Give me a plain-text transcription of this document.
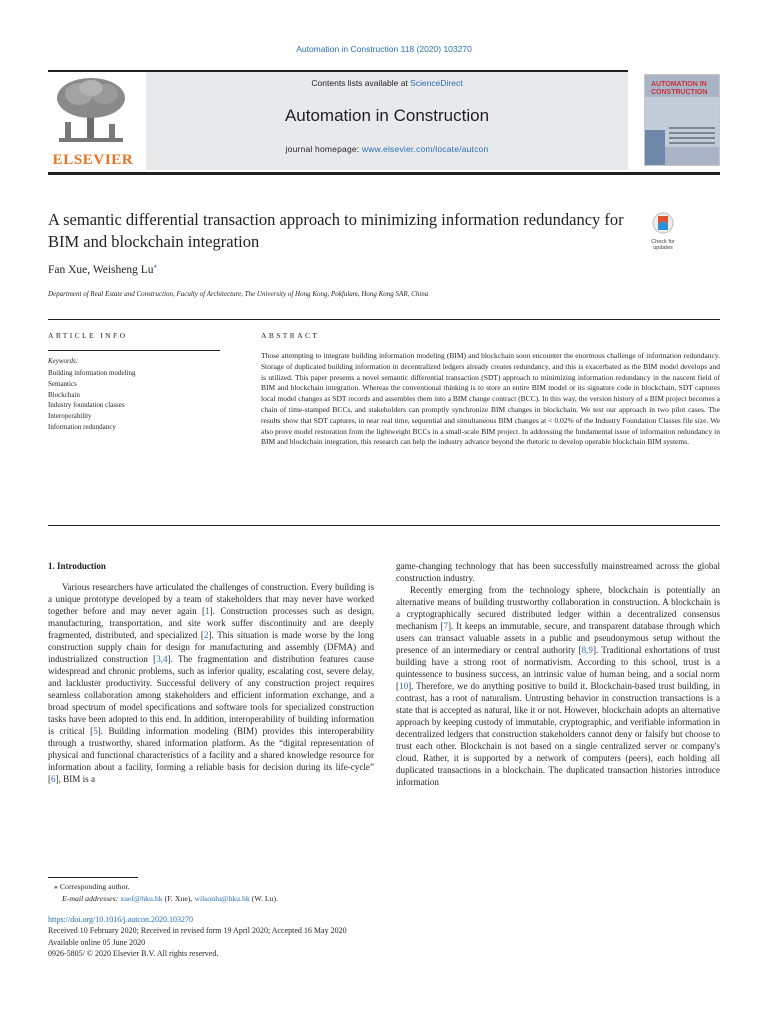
Automation in Construction 118 (2020) 103270
ELSEVIER
Contents lists available at ScienceDirect
Automation in Construction
journal homepage: www.elsevier.com/locate/autcon
AUTOMATION IN CONSTRUCTION
A semantic differential transaction approach to minimizing information redundancy for BIM and blockchain integration	Check for updates
Fan Xue, Weisheng Lu⁎
Department of Real Estate and Construction, Faculty of Architecture, The University of Hong Kong, Pokfulam, Hong Kong SAR, China
ARTICLE INFO	ABSTRACT
Keywords:
Building information modeling
Semantics
Blockchain
Industry foundation classes
Interoperability
Information redundancy

Those attempting to integrate building information modeling (BIM) and blockchain soon encounter the enormous challenge of information redundancy. Storage of duplicated building information in decentralized ledgers already creates redundancy, and this is exacerbated as the BIM model develops and is utilized. This paper presents a novel semantic differential transaction (SDT) approach to minimizing information redundancy in the nascent field of BIM and blockchain integration. Whereas the conventional thinking is to store an entire BIM model or its signature code in blockchain, SDT captures local model changes as SDT records and assembles them into a BIM change contract (BCC). In this way, the version history of a BIM project becomes a chain of time-stamped BCCs, and stakeholders can promptly synchronize BIM changes in blockchain. We test our approach in two pilot cases. The results show that SDT captures, in near real time, sequential and simultaneous BIM changes at < 0.02% of the Industry Foundation Classes file size. We also prove model restoration from the lightweight BCCs in a small-scale BIM project. In addressing the fundamental issue of information redundancy in BIM and blockchain integration, this research can help the industry advance beyond the rhetoric to develop operable blockchain BIM systems.

1. Introduction

Various researchers have articulated the challenges of construction. Every building is a unique prototype developed by a team of stakeholders that may never have worked together before and may never again [1]. Construction processes such as design, manufacturing, transportation, and site work suffer discontinuity and are deeply fragmented, distributed, and specialized [2]. This situation is made worse by the long construction supply chain for design for manufacturing and assembly (DFMA) and industrialized construction [3,4]. The fragmentation and distribution features cause widespread and chronic problems, such as inferior quality, escalating cost, severe delay, and lackluster productivity. Successful delivery of any construction project requires seamless collaboration among stakeholders and efficient information exchange, and a broad spectrum of model specifications and software tools for specialized construction tasks have been adopted to this end. In addition, interoperability of building information is critical [5]. Building information modeling (BIM) provides this interoperability through a trustworthy, shared information platform. As the “digital representation of physical and functional characteristics of a facility and a shared knowledge resource for information about a facility, forming a reliable basis for decision during its life-cycle” [6], BIM is a

game-changing technology that has been successfully mainstreamed across the global construction industry.

Recently emerging from the technology sphere, blockchain is potentially an alternative means of building trustworthy collaboration in construction. A blockchain is a cryptographically secured distributed ledger within a decentralized consensus mechanism [7]. It keeps an immutable, secure, and transparent database through which users can transact valuable assets in a public and pseudonymous setup without the presence of an intermediary or central authority [8,9]. Traditional exhortations of trust building have a strong root of normativism. According to this school, trust is a quintessence to business success, an intrinsic value of human being, and a social norm [10]. Therefore, we do anything positive to build it. Blockchain-based trust building, in contrast, has a root of naturalism. Untrusting behavior in construction transactions is a state that is accepted as natural, like it or not. However, blockchain adopts an alternative approach by keeping custody of immutable, cryptographic, and verifiable information in decentralized ledgers that construction stakeholders cannot deny or falsify but choose to trust each other. Blockchain is not based on a single centralized server or company's cloud. Rather, it is supported by a network of computers (peers), each holding all duplicated transactions in a blockchain. The duplicated transaction histories introduce information

⁎ Corresponding author.
E-mail addresses: xuef@hku.hk (F. Xue), wilsonlu@hku.hk (W. Lu).
https://doi.org/10.1016/j.autcon.2020.103270
Received 10 February 2020; Received in revised form 19 April 2020; Accepted 16 May 2020
Available online 05 June 2020
0926-5805/ © 2020 Elsevier B.V. All rights reserved.
